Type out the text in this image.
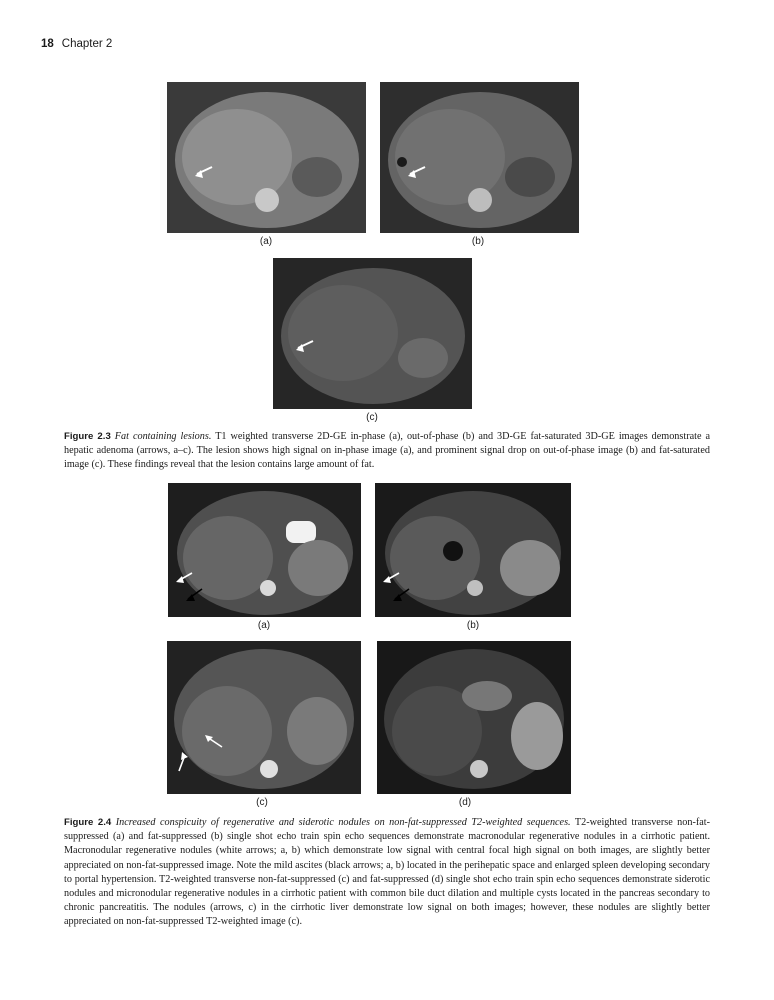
18 Chapter 2
(a)	(b)
(c)
Figure 2.3 Fat containing lesions. T1 weighted transverse 2D-GE in-phase (a), out-of-phase (b) and 3D-GE fat-saturated 3D-GE images demonstrate a hepatic adenoma (arrows, a–c). The lesion shows high signal on in-phase image (a), and prominent signal drop on out-of-phase image (b) and fat-saturated image (c). These findings reveal that the lesion contains large amount of fat.
(a)	(b)
(c)	(d)
Figure 2.4 Increased conspicuity of regenerative and siderotic nodules on non-fat-suppressed T2-weighted sequences. T2-weighted transverse non-fat-suppressed (a) and fat-suppressed (b) single shot echo train spin echo sequences demonstrate macronodular regenerative nodules in a cirrhotic patient. Macronodular regenerative nodules (white arrows; a, b) which demonstrate low signal with central focal high signal on both images, are slightly better appreciated on non-fat-suppressed image. Note the mild ascites (black arrows; a, b) located in the perihepatic space and enlarged spleen developing secondary to portal hypertension. T2-weighted transverse non-fat-suppressed (c) and fat-suppressed (d) single shot echo train spin echo sequences demonstrate siderotic nodules and micronodular regenerative nodules in a cirrhotic patient with common bile duct dilation and multiple cysts located in the pancreas secondary to chronic pancreatitis. The nodules (arrows, c) in the cirrhotic liver demonstrate low signal on both images; however, these nodules are slightly better appreciated on non-fat-suppressed T2-weighted image (c).
